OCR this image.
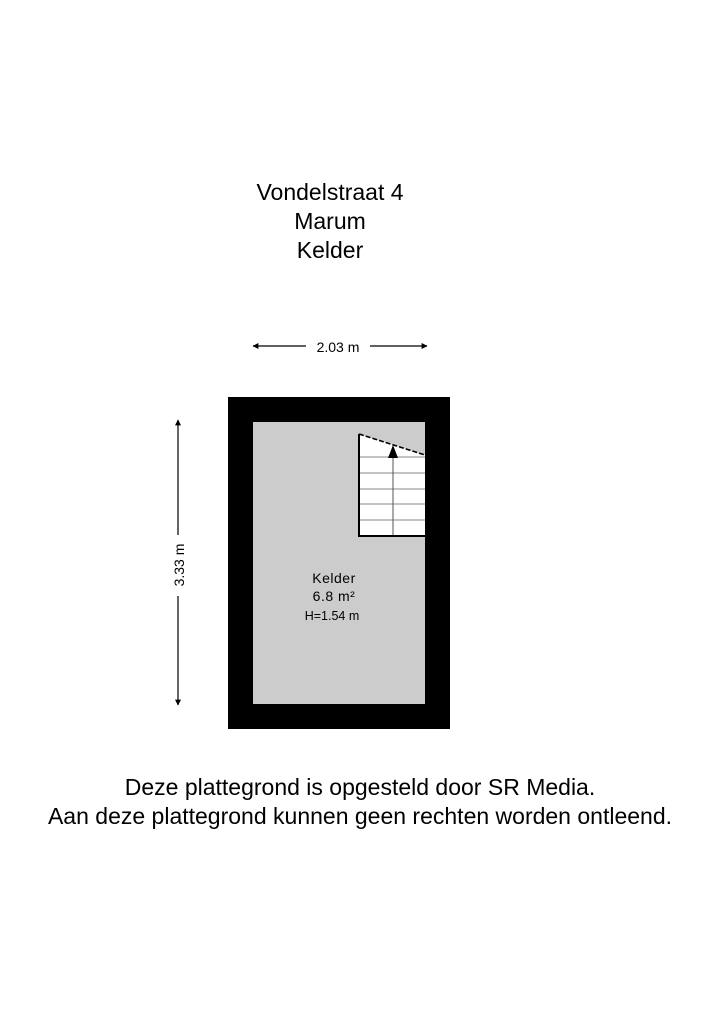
Vondelstraat 4
Marum
Kelder
2.03 m
3.33 m	Kelder
6.8 m²
H=1.54 m
Deze plattegrond is opgesteld door SR Media.
Aan deze plattegrond kunnen geen rechten worden ontleend.
